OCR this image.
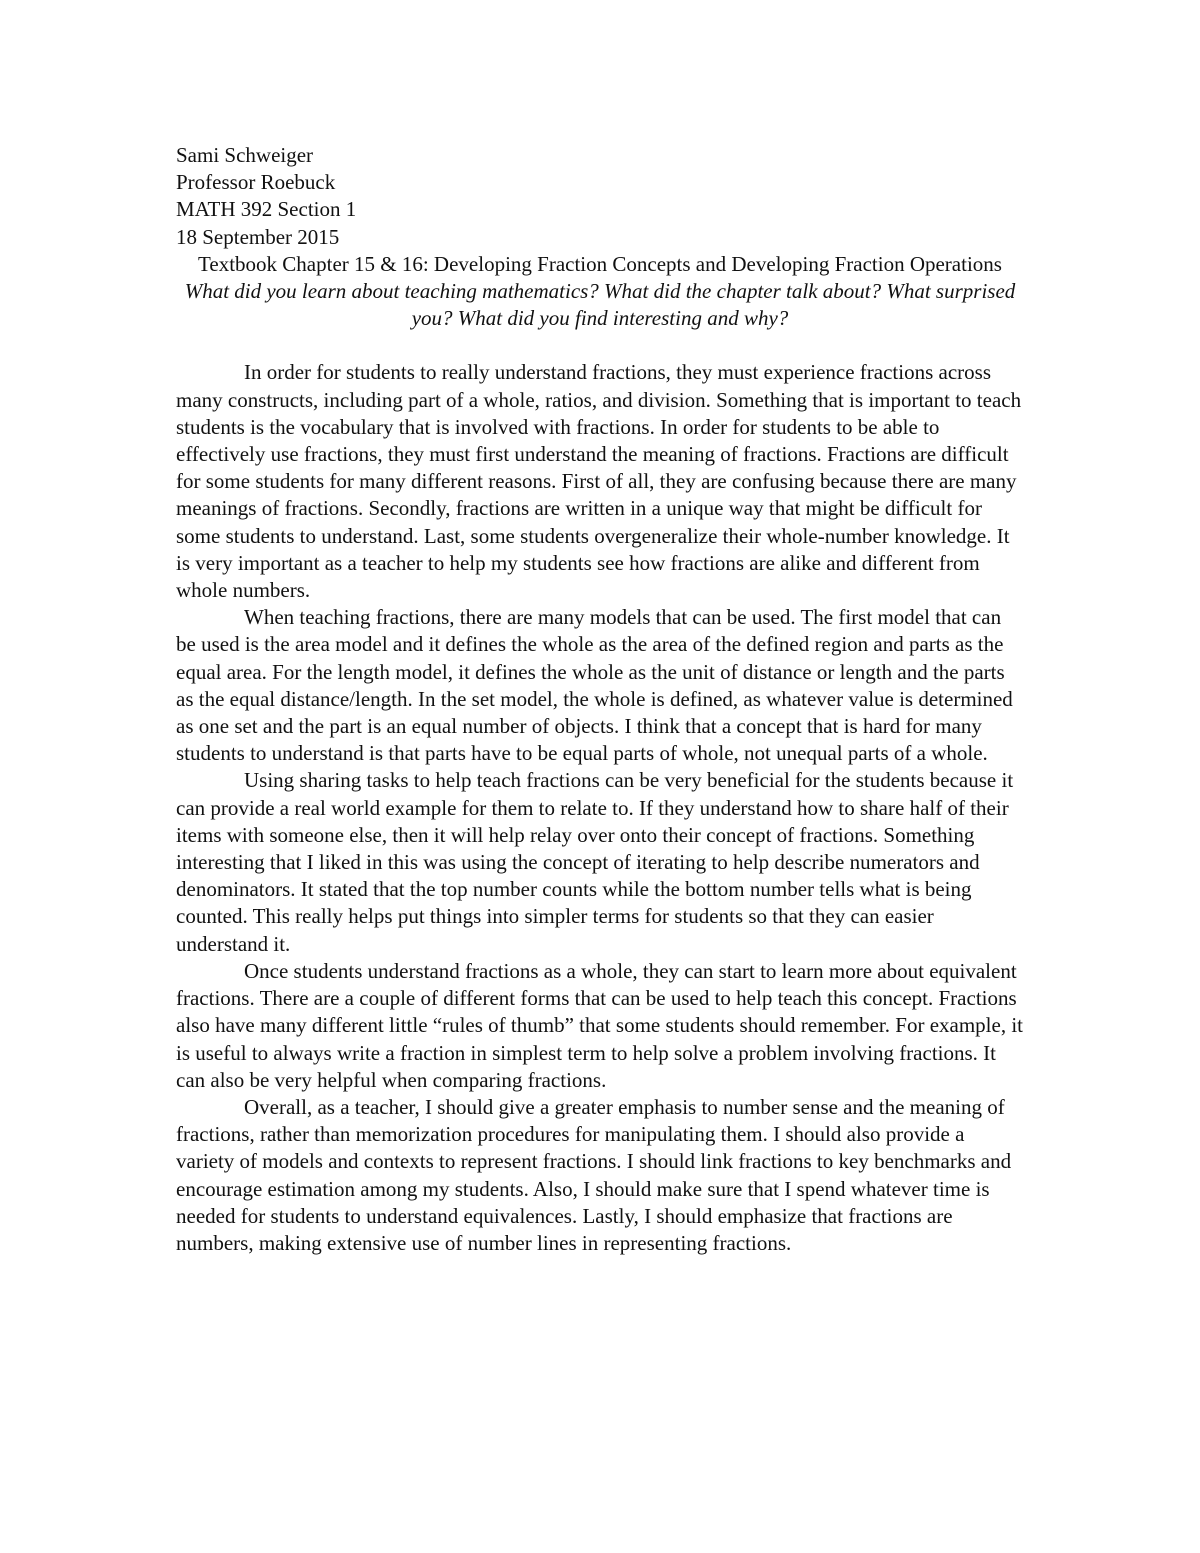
Sami Schweiger
Professor Roebuck
MATH 392 Section 1
18 September 2015

Textbook Chapter 15 & 16: Developing Fraction Concepts and Developing Fraction Operations

What did you learn about teaching mathematics? What did the chapter talk about? What surprised you? What did you find interesting and why?

In order for students to really understand fractions, they must experience fractions across many constructs, including part of a whole, ratios, and division. Something that is important to teach students is the vocabulary that is involved with fractions. In order for students to be able to effectively use fractions, they must first understand the meaning of fractions. Fractions are difficult for some students for many different reasons. First of all, they are confusing because there are many meanings of fractions. Secondly, fractions are written in a unique way that might be difficult for some students to understand. Last, some students overgeneralize their whole-number knowledge. It is very important as a teacher to help my students see how fractions are alike and different from whole numbers.

When teaching fractions, there are many models that can be used. The first model that can be used is the area model and it defines the whole as the area of the defined region and parts as the equal area. For the length model, it defines the whole as the unit of distance or length and the parts as the equal distance/length. In the set model, the whole is defined, as whatever value is determined as one set and the part is an equal number of objects. I think that a concept that is hard for many students to understand is that parts have to be equal parts of whole, not unequal parts of a whole.

Using sharing tasks to help teach fractions can be very beneficial for the students because it can provide a real world example for them to relate to. If they understand how to share half of their items with someone else, then it will help relay over onto their concept of fractions. Something interesting that I liked in this was using the concept of iterating to help describe numerators and denominators. It stated that the top number counts while the bottom number tells what is being counted. This really helps put things into simpler terms for students so that they can easier understand it.

Once students understand fractions as a whole, they can start to learn more about equivalent fractions. There are a couple of different forms that can be used to help teach this concept. Fractions also have many different little “rules of thumb” that some students should remember. For example, it is useful to always write a fraction in simplest term to help solve a problem involving fractions. It can also be very helpful when comparing fractions.

Overall, as a teacher, I should give a greater emphasis to number sense and the meaning of fractions, rather than memorization procedures for manipulating them. I should also provide a variety of models and contexts to represent fractions. I should link fractions to key benchmarks and encourage estimation among my students. Also, I should make sure that I spend whatever time is needed for students to understand equivalences. Lastly, I should emphasize that fractions are numbers, making extensive use of number lines in representing fractions.
